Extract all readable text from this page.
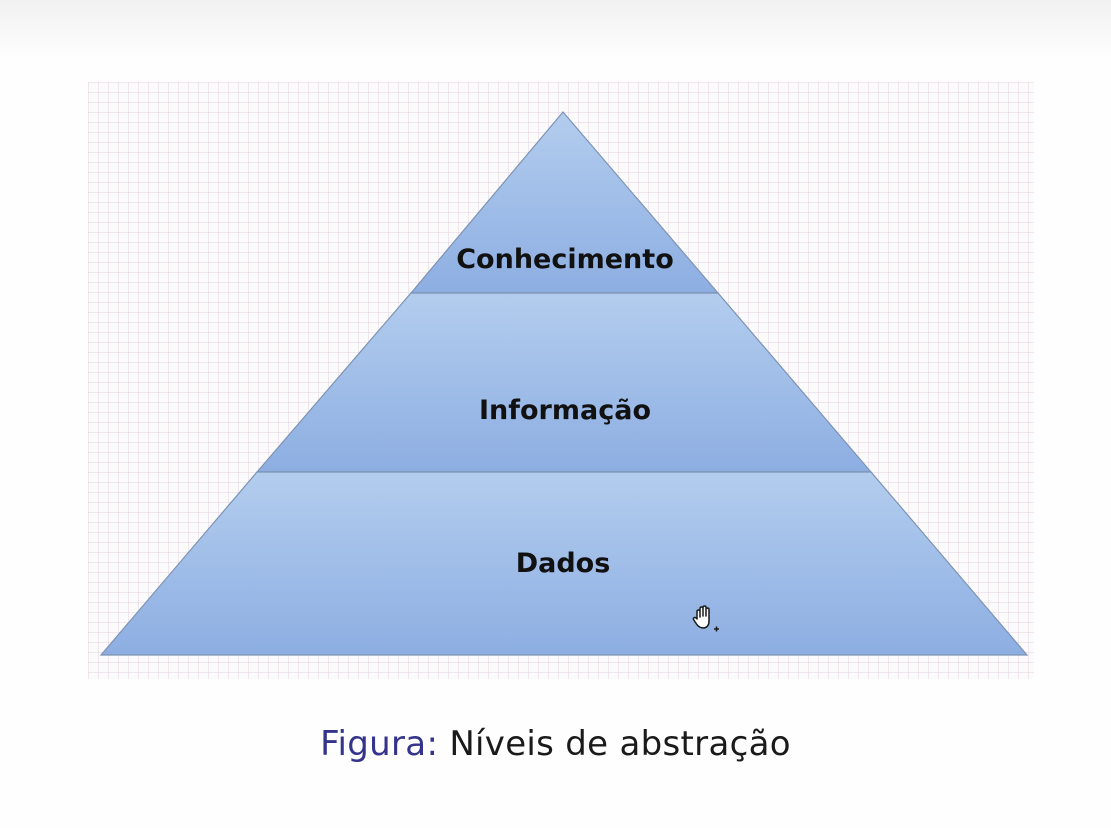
Conhecimento
Informação
Dados
Figura: Níveis de abstração
